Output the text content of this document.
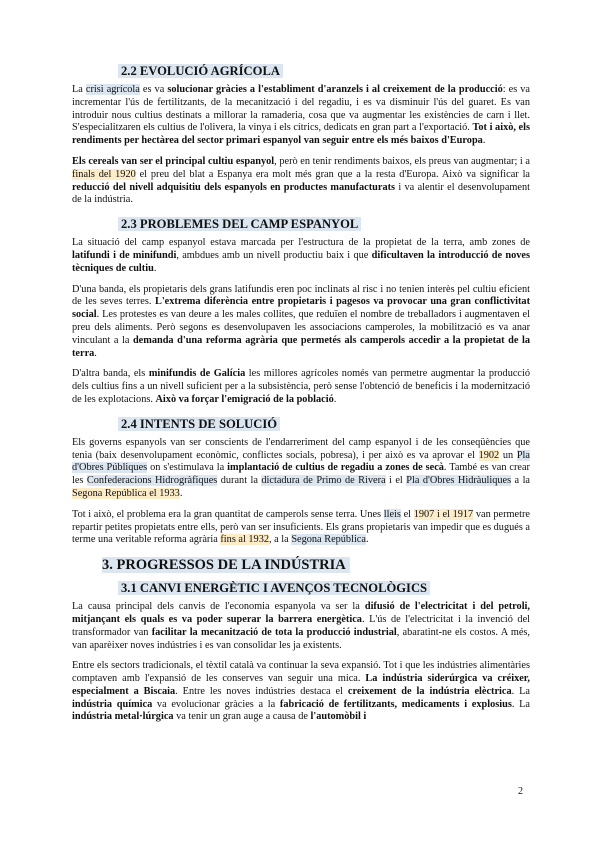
2.2 EVOLUCIÓ AGRÍCOLA

La crisi agrícola es va solucionar gràcies a l'establiment d'aranzels i al creixement de la producció: es va incrementar l'ús de fertilitzants, de la mecanització i del regadiu, i es va disminuir l'ús del guaret. Es van introduir nous cultius destinats a millorar la ramaderia, cosa que va augmentar les existències de carn i llet. S'especialitzaren els cultius de l'olivera, la vinya i els cítrics, dedicats en gran part a l'exportació. Tot i això, els rendiments per hectàrea del sector primari espanyol van seguir entre els més baixos d'Europa.

Els cereals van ser el principal cultiu espanyol, però en tenir rendiments baixos, els preus van augmentar; i a finals del 1920 el preu del blat a Espanya era molt més gran que a la resta d'Europa. Això va significar la reducció del nivell adquisitiu dels espanyols en productes manufacturats i va alentir el desenvolupament de la indústria.

2.3 PROBLEMES DEL CAMP ESPANYOL

La situació del camp espanyol estava marcada per l'estructura de la propietat de la terra, amb zones de latifundi i de minifundi, ambdues amb un nivell productiu baix i que dificultaven la introducció de noves tècniques de cultiu.

D'una banda, els propietaris dels grans latifundis eren poc inclinats al risc i no tenien interès pel cultiu eficient de les seves terres. L'extrema diferència entre propietaris i pagesos va provocar una gran conflictivitat social. Les protestes es van deure a les males collites, que reduïen el nombre de treballadors i augmentaven el preu dels aliments. Però segons es desenvolupaven les associacions camperoles, la mobilització es va anar vinculant a la demanda d'una reforma agrària que permetés als camperols accedir a la propietat de la terra.

D'altra banda, els minifundis de Galícia les millores agrícoles només van permetre augmentar la producció dels cultius fins a un nivell suficient per a la subsistència, però sense l'obtenció de beneficis i la modernització de les explotacions. Això va forçar l'emigració de la població.

2.4 INTENTS DE SOLUCIÓ

Els governs espanyols van ser conscients de l'endarreriment del camp espanyol i de les conseqüències que tenia (baix desenvolupament econòmic, conflictes socials, pobresa), i per això es va aprovar el 1902 un Pla d'Obres Públiques on s'estimulava la implantació de cultius de regadiu a zones de secà. També es van crear les Confederacions Hidrogràfiques durant la dictadura de Primo de Rivera i el Pla d'Obres Hidràuliques a la Segona República el 1933.

Tot i això, el problema era la gran quantitat de camperols sense terra. Unes lleis el 1907 i el 1917 van permetre repartir petites propietats entre ells, però van ser insuficients. Els grans propietaris van impedir que es dugués a terme una veritable reforma agrària fins al 1932, a la Segona República.

3. PROGRESSOS DE LA INDÚSTRIA
3.1 CANVI ENERGÈTIC I AVENÇOS TECNOLÒGICS

La causa principal dels canvis de l'economia espanyola va ser la difusió de l'electricitat i del petroli, mitjançant els quals es va poder superar la barrera energètica. L'ús de l'electricitat i la invenció del transformador van facilitar la mecanització de tota la producció industrial, abaratint-ne els costos. A més, van aparèixer noves indústries i es van consolidar les ja existents.

Entre els sectors tradicionals, el tèxtil català va continuar la seva expansió. Tot i que les indústries alimentàries comptaven amb l'expansió de les conserves van seguir una mica. La indústria siderúrgica va créixer, especialment a Biscaia. Entre les noves indústries destaca el creixement de la indústria elèctrica. La indústria química va evolucionar gràcies a la fabricació de fertilitzants, medicaments i explosius. La indústria metal·lúrgica va tenir un gran auge a causa de l'automòbil i

2
